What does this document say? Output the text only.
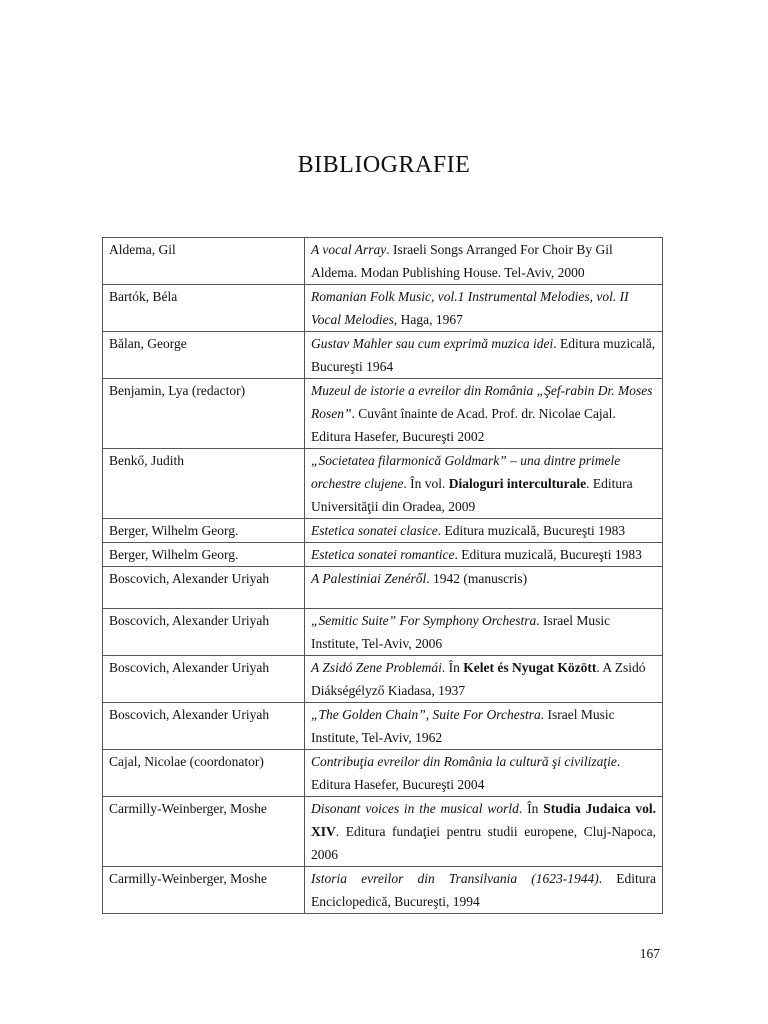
BIBLIOGRAFIE
Aldema, Gil	A vocal Array. Israeli Songs Arranged For Choir By Gil Aldema. Modan Publishing House. Tel-Aviv, 2000
Bartók, Béla	Romanian Folk Music, vol.1 Instrumental Melodies, vol. II Vocal Melodies, Haga, 1967
Bălan, George	Gustav Mahler sau cum exprimă muzica idei. Editura muzicală, Bucureşti 1964
Benjamin, Lya (redactor)	Muzeul de istorie a evreilor din România „Şef-rabin Dr. Moses Rosen”. Cuvânt înainte de Acad. Prof. dr. Nicolae Cajal. Editura Hasefer, Bucureşti 2002
Benkő, Judith	„Societatea filarmonică Goldmark” – una dintre primele orchestre clujene. În vol. Dialoguri interculturale. Editura Universităţii din Oradea, 2009
Berger, Wilhelm Georg.	Estetica sonatei clasice. Editura muzicală, Bucureşti 1983
Berger, Wilhelm Georg.	Estetica sonatei romantice. Editura muzicală, Bucureşti 1983
Boscovich, Alexander Uriyah	A Palestiniai Zenéről. 1942 (manuscris)
Boscovich, Alexander Uriyah	„Semitic Suite” For Symphony Orchestra. Israel Music Institute, Tel-Aviv, 2006
Boscovich, Alexander Uriyah	A Zsidó Zene Problemái. În Kelet és Nyugat Között. A Zsidó Diákségélyző Kiadasa, 1937
Boscovich, Alexander Uriyah	„The Golden Chain”, Suite For Orchestra. Israel Music Institute, Tel-Aviv, 1962
Cajal, Nicolae (coordonator)	Contribuţia evreilor din România la cultură şi civilizaţie. Editura Hasefer, Bucureşti 2004
Carmilly-Weinberger, Moshe	Disonant voices in the musical world. În Studia Judaica vol. XIV. Editura fundaţiei pentru studii europene, Cluj-Napoca, 2006
Carmilly-Weinberger, Moshe	Istoria evreilor din Transilvania (1623-1944). Editura Enciclopedică, Bucureşti, 1994
167
